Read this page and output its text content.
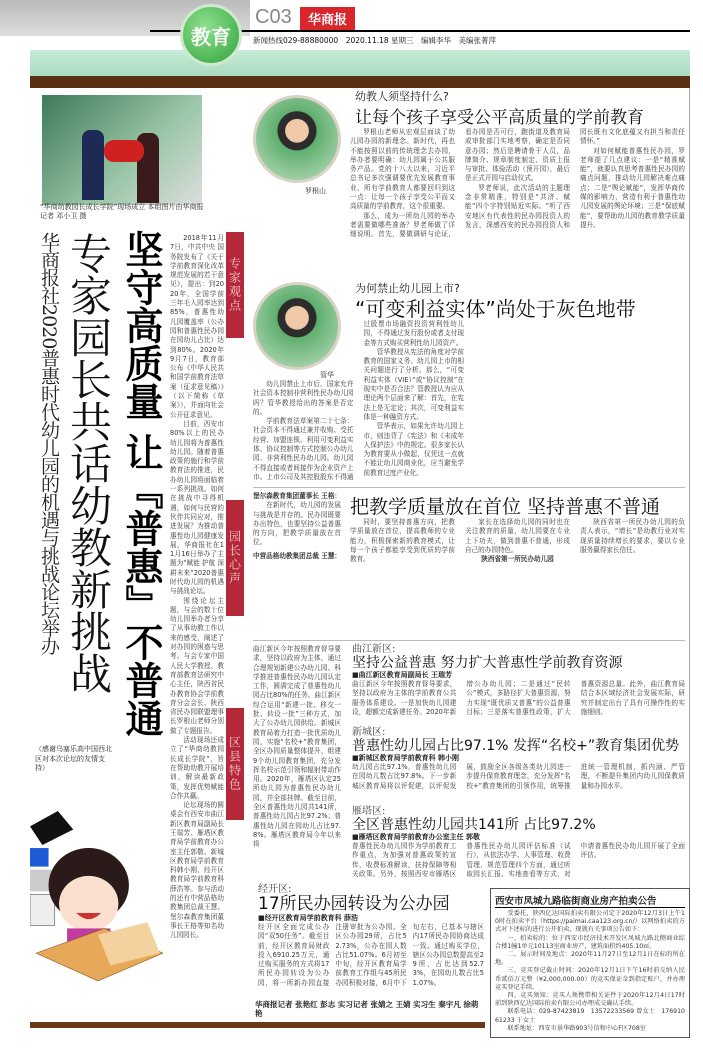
教育
C03	华商报
新闻热线029-88880000　2020.11.18 星期三　编辑李华　美编张菁萍
“华商幼教园长成长学院”现场成立 本组图片由华商报记者 邓小卫 摄
华商报社2020普惠时代幼儿园的机遇与挑战论坛举办 专家园长共话幼教新挑战 坚守高质量 让『普惠』不普通
（感谢乌塞乐高中国西北区对本次论坛的友情支持）

2018年11月7日，中共中央 国务院发布了《关于学前教育深化改革规范发展的若干意见》，提出：到2020年，全国学前三年毛入园率达到85%，普惠性幼儿园覆盖率（公办园和普惠性民办园在园幼儿占比）达到80%。2020年9月7日，教育部公布《中华人民共和国学前教育法草案（征求意见稿）》（以下简称《草案》），并面向社会公开征求意见。

目前，西安市80%以上的民办幼儿园将为普惠性幼儿园。随着普惠政策的施行和学前教育法的推进，民办幼儿园将面临着一系列挑战。如何在挑战中寻得机遇，如何与民营的伙伴共同应对，推进发展？为推动普惠性幼儿园健康发展，华商报社在11月16日举办了主题为“赋能 护航 深耕未来”2020普惠时代幼儿园的机遇与挑战论坛。

围绕论坛主题，与会的数十位幼儿园举办者分享了从事幼教工作以来的感受，阐述了对办园的困惑与思考。与会专家中国人民大学教授、教育部教育法研究中心主任，陕西省民办教育协会学前教育分会会长、陕西省民办园联盟理事长罗根山老师分别做了专题报告。

活动现场还成立了“华商幼教园长成长学院”，旨在帮助幼教开展培训，解读最新政策，发挥优势赋能合作共赢。

论坛现场的圆桌会有西安市曲江新区教育局副局长王瑞芳、雁塔区教育局学前教育办公室主任郭敬、新城区教育局学前教育科韩小刚、经开区教育局学前教育科薛浩等。参与活动的还有中营品格幼教集团总裁王慧、堡尔森教育集团董事长王格等知名幼儿园园长。

专家观点
园长心声
区县特色
罗根山
幼教人须坚持什么?
让每个孩子享受公平高质量的学前教育

罗根山老师从宏观层面谈了幼儿园办园的新理念。新时代，再也不能按照以前的传统理念去办园，举办者要明确：幼儿园属于公共服务产品。党的十八大以来，习近平总书记多次强调要优先发展教育事业，所有学前教育人都要回归到这一点：让每一个孩子享受公平而又高质量的学前教育，这个很重要。

那么，成为一所幼儿园的举办者需要做哪些准备？罗老师做了详细说明。首先，要做调研与论证，看办园是否可行，跑街道及教育局或审批部门实地考察，确定是否同意办园；然后是聘请骨干人员，品牌简介、规章制度制定、资质上报与审批、体验活动（预开园），最后是正式开园与启动仪式。

罗老师说，此次活动的主题理念非常精准，特别是“共济、赋能”四个字特别贴近实际。“听了西安地区有代表性的民办园投资人的发言，深感西安的民办园投资人和园长既有文化底蕴又有担当和责任情怀。”

对如何赋能普惠性民办园，罗老师提了几点建议：一是“精准赋能”，就要认真思考普惠性民办园的痛点问题，推动幼儿园解决难点痛点；二是“舆论赋能”，发挥华商传媒的影响力，营造有利于普惠性幼儿园发展的舆论环境；三是“保底赋能”，要帮助幼儿园的教育教学质量提升。

管华
为何禁止幼儿园上市?
“可变利益实体”尚处于灰色地带

幼儿园禁止上市后，国家允许社会资本控制非营利性民办幼儿园吗？管华教授给出的答案是否定的。

学前教育法草案第二十七条：社会资本不得通过兼并收购、受托经营、加盟连锁、利用可变利益实体、协议控制等方式控制公办幼儿园、非营利性民办幼儿园。幼儿园不得直接或者间接作为企业资产上市。上市公司及其控股股东不得通过股票市场融资投资营利性幼儿园，不得通过发行股份或者支付现金等方式购买营利性幼儿园资产。

管华教授从宪法的角度对学前教育的国家义务、幼儿园上市的相关问题进行了分析。那么，“可变利益实体（VIE）”或“协议控制”在现实中是否合法？管教授认为应从理论两个层面来了解：首先，在宪法上是无定论；其次，可变利益实体是一种融资方式。

管华表示，如果允许幼儿园上市，则违背了《宪法》和《未成年人保护法》中的规定。很多家长认为教育要从小做起，仅凭这一点就不能让幼儿园商业化，应当避免学前教育过度产业化。

堡尔森教育集团董事长 王格：

在新时代，幼儿园的发展与挑战是并存的。民办园既要办出特色，也要坚持公益普惠的方向，把教学质量放在首位。

中营品格幼教集团总裁 王慧：
把教学质量放在首位 坚持普惠不普通

同时，要坚持普惠方向，把教学质量放在首位，提高教师的专业能力，积极探索新的教育模式，让每一个孩子都能享受到优质的学前教育。

家长在选择幼儿园的同时也在关注教育的质量，幼儿园要在专业上下功夫，做到普惠不普通，形成自己的办园特色。

陕西省第一所民办幼儿园

陕西省第一所民办幼儿园的负责人表示，“增长”是幼教行业对实现质量持续增长的要求，要以专业服务赢得家长信任。

曲江新区今年按照教育督导要求，坚持以政府为主体，通过合理规划新建公办幼儿园、科学推进普惠性民办幼儿园认定工作，圆满完成了普惠性幼儿园占比80%的任务。曲江新区综合运用“新建一批、移交一批、转设一批”三种方式，加大了公办幼儿园供给。新城区教育局着力打造一批优质幼儿园，实施“名校+”教育集团，全区办园质量整体提升，组建9个幼儿园教育集团，充分发挥名校示范引领和辐射带动作用。2020年，雁塔区认定25所幼儿园为普惠性民办幼儿园，并全部挂牌。截至目前，全区普惠性幼儿园共141所，普惠性幼儿园占比97.2%；普惠性幼儿园在园幼儿占比97.8%。雁塔区教育局今年以来将
曲江新区:
坚持公益普惠 努力扩大普惠性学前教育资源
■曲江新区教育局副局长 王瑞芳
曲江新区今年按照教育督导要求，坚持以政府为主体的学前教育公共服务体系建设。一是加快幼儿园建设，超额完成新建任务。2020年新增公办幼儿园；二是通过“民转公”模式，多路径扩大普惠资源，努力实现“既优质又普惠”的公益普惠目标；三是落实普惠性政策，扩大普惠资源总量。此外，曲江教育局结合本区域经济社会发展实际，研究并制定出台了具有可操作性的实施细则。
新城区:
普惠性幼儿园占比97.1% 发挥“名校+”教育集团优势
■新城区教育局学前教育科 韩小刚
幼儿园占比97.1%，普惠性幼儿园在园幼儿数占比97.8%。下一步新城区教育局将以评促建，以评促发展，鼓励全区各级各类幼儿园进一步提升保育教育理念，充分发挥“名校+”教育集团的引领作用，统筹推进统一管理机制，抓内涵、严管理，不断提升集团内幼儿园保教质量和办园水平。
雁塔区:
全区普惠性幼儿园共141所 占比97.2%
■雁塔区教育局学前教育办公室主任 郭敬
普惠性民办幼儿园作为学前教育工作重点，为加强对普惠政策的宣传，收费标准解读，扶持保障等相关政策。另外，按照西安市雁塔区普惠性民办幼儿园评估标准（试行），从依法办学、人事管理、收费管理、规范管理四个方面，通过听取园长汇报、实地查看等方式，对申请普惠性民办幼儿园开展了全面评估。
经开区:
17所民办园转设为公办园
■经开区教育局学前教育科 薛浩
经开区全面完成公办园“双50任务”。截至目前，经开区教育局财政投入6910.25万元，通过购买服务的方式将17所民办园转设为公办园，将一所新办园直接注册审批为公办园。全区公办园29所，占比52.73%，公办在园人数占比51.07%。6月初至中旬，经开区教育局学前教育工作组与45所民办园积极对接，6月中下旬左右，已基本与辖区内17所民办园协商达成一致。通过购买学位，辖区公办园总数提高至29所，占比达到52.73%，在园幼儿数占比51.07%。
华商报记者 张艳红 彭志 实习记者 张婧之 王婧 实习生 秦宇凡 徐萌艳
西安市凤城九路临街商业房产拍卖公告

受委托，陕西亿达国际拍卖有限公司定于2020年12月3日上午10时在拍卖平台（https://paimai.caa123.org.cn/）以网络拍卖的方式对下述标的进行公开拍卖，现就有关事项公告如下：

一、拍卖标的：位于西安市经济技术开发区凤城九路北侧商业综合楼1幢1单元10113室商业房产，建筑面积约405.10㎡。

二、展示时间及地点：2020年11月27日至12月1日在标的所在地。

三、竞买登记截止时间：2020年12月1日下午16时前交纳人民币贰佰万元整（¥2,000,000.00）的竞买保证金到指定账户，并办理竞买登记手续。

四、竞买须知：竞买人须携带相关证件于2020年12月4日17时前到陕西亿达国际拍卖有限公司办理成交确认手续。

联系电话：029-87423819　13572233569 曾女士　17691061233 于女士

联系地址：西安市景华路903号信和中心F区708室
